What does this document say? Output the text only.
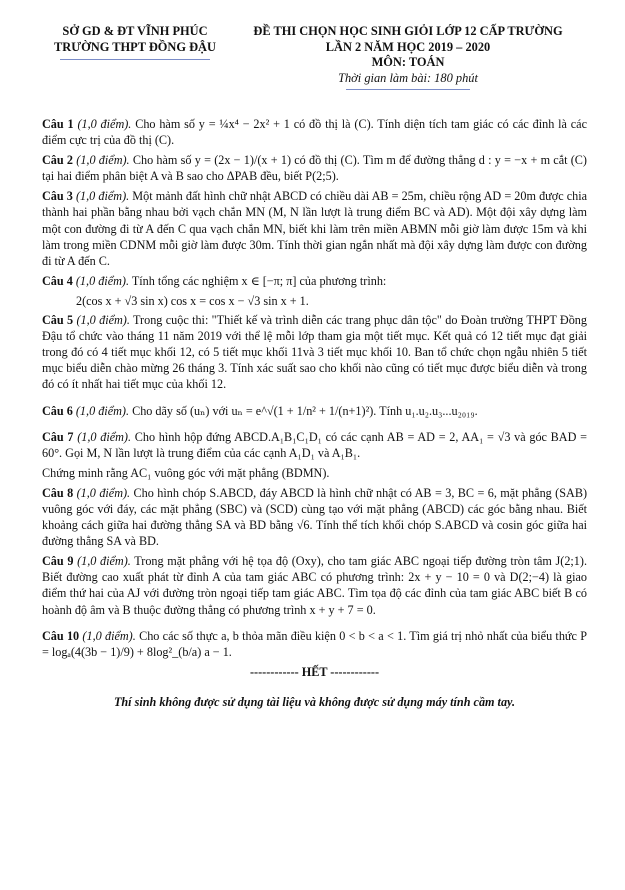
SỞ GD & ĐT VĨNH PHÚC
TRƯỜNG THPT ĐỒNG ĐẬU
ĐỀ THI CHỌN HỌC SINH GIỎI LỚP 12 CẤP TRƯỜNG
LẦN 2 NĂM HỌC 2019 – 2020
MÔN: TOÁN
Thời gian làm bài: 180 phút

Câu 1 (1,0 điểm). Cho hàm số y = ¼x⁴ − 2x² + 1 có đồ thị là (C). Tính diện tích tam giác có các đỉnh là các điểm cực trị của đồ thị (C).

Câu 2 (1,0 điểm). Cho hàm số y = (2x − 1)/(x + 1) có đồ thị (C). Tìm m để đường thẳng d : y = −x + m cắt (C) tại hai điểm phân biệt A và B sao cho ΔPAB đều, biết P(2;5).

Câu 3 (1,0 điểm). Một mảnh đất hình chữ nhật ABCD có chiều dài AB = 25m, chiều rộng AD = 20m được chia thành hai phần bằng nhau bởi vạch chắn MN (M, N lần lượt là trung điểm BC và AD). Một đội xây dựng làm một con đường đi từ A đến C qua vạch chắn MN, biết khi làm trên miền ABMN mỗi giờ làm được 15m và khi làm trong miền CDNM mỗi giờ làm được 30m. Tính thời gian ngắn nhất mà đội xây dựng làm được con đường đi từ A đến C.

Câu 4 (1,0 điểm). Tính tổng các nghiệm x ∈ [−π; π] của phương trình:

2(cos x + √3 sin x) cos x = cos x − √3 sin x + 1.

Câu 5 (1,0 điểm). Trong cuộc thi: "Thiết kế và trình diễn các trang phục dân tộc" do Đoàn trường THPT Đồng Đậu tổ chức vào tháng 11 năm 2019 với thể lệ mỗi lớp tham gia một tiết mục. Kết quả có 12 tiết mục đạt giải trong đó có 4 tiết mục khối 12, có 5 tiết mục khối 11và 3 tiết mục khối 10. Ban tổ chức chọn ngẫu nhiên 5 tiết mục biểu diễn chào mừng 26 tháng 3. Tính xác suất sao cho khối nào cũng có tiết mục được biểu diễn và trong đó có ít nhất hai tiết mục của khối 12.

Câu 6 (1,0 điểm). Cho dãy số (uₙ) với uₙ = e^√(1 + 1/n² + 1/(n+1)²). Tính u₁.u₂.u₃...u₂₀₁₉.

Câu 7 (1,0 điểm). Cho hình hộp đứng ABCD.A₁B₁C₁D₁ có các cạnh AB = AD = 2, AA₁ = √3 và góc BAD = 60°. Gọi M, N lần lượt là trung điểm của các cạnh A₁D₁ và A₁B₁.

Chứng minh rằng AC₁ vuông góc với mặt phẳng (BDMN).

Câu 8 (1,0 điểm). Cho hình chóp S.ABCD, đáy ABCD là hình chữ nhật có AB = 3, BC = 6, mặt phẳng (SAB) vuông góc với đáy, các mặt phẳng (SBC) và (SCD) cùng tạo với mặt phẳng (ABCD) các góc bằng nhau. Biết khoảng cách giữa hai đường thẳng SA và BD bằng √6. Tính thể tích khối chóp S.ABCD và cosin góc giữa hai đường thẳng SA và BD.

Câu 9 (1,0 điểm). Trong mặt phẳng với hệ tọa độ (Oxy), cho tam giác ABC ngoại tiếp đường tròn tâm J(2;1). Biết đường cao xuất phát từ đỉnh A của tam giác ABC có phương trình: 2x + y − 10 = 0 và D(2;−4) là giao điểm thứ hai của AJ với đường tròn ngoại tiếp tam giác ABC. Tìm tọa độ các đỉnh của tam giác ABC biết B có hoành độ âm và B thuộc đường thẳng có phương trình x + y + 7 = 0.

Câu 10 (1,0 điểm). Cho các số thực a, b thỏa mãn điều kiện 0 < b < a < 1. Tìm giá trị nhỏ nhất của biểu thức P = logₐ(4(3b − 1)/9) + 8log²_(b/a) a − 1.

------------ HẾT ------------
Thí sinh không được sử dụng tài liệu và không được sử dụng máy tính cầm tay.
